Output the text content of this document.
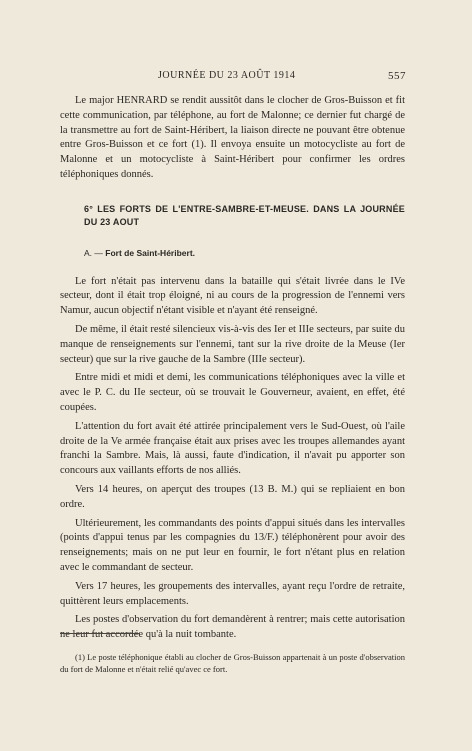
JOURNÉE DU 23 AOÛT 1914	557

Le major HENRARD se rendit aussitôt dans le clocher de Gros-Buisson et fit cette communication, par téléphone, au fort de Malonne; ce dernier fut chargé de la transmettre au fort de Saint-Héribert, la liaison directe ne pouvant être obtenue entre Gros-Buisson et ce fort (1). Il envoya ensuite un motocycliste au fort de Malonne et un motocycliste à Saint-Héribert pour confirmer les ordres téléphoniques donnés.

6° LES FORTS DE L'ENTRE-SAMBRE-ET-MEUSE. DANS LA JOURNÉE DU 23 AOUT
A. — Fort de Saint-Héribert.

Le fort n'était pas intervenu dans la bataille qui s'était livrée dans le IVe secteur, dont il était trop éloigné, ni au cours de la progression de l'ennemi vers Namur, aucun objectif n'étant visible et n'ayant été renseigné.

De même, il était resté silencieux vis-à-vis des Ier et IIIe secteurs, par suite du manque de renseignements sur l'ennemi, tant sur la rive droite de la Meuse (Ier secteur) que sur la rive gauche de la Sambre (IIIe secteur).

Entre midi et midi et demi, les communications téléphoniques avec la ville et avec le P. C. du IIe secteur, où se trouvait le Gouverneur, avaient, en effet, été coupées.

L'attention du fort avait été attirée principalement vers le Sud-Ouest, où l'aile droite de la Ve armée française était aux prises avec les troupes allemandes ayant franchi la Sambre. Mais, là aussi, faute d'indication, il n'avait pu apporter son concours aux vaillants efforts de nos alliés.

Vers 14 heures, on aperçut des troupes (13 B. M.) qui se repliaient en bon ordre.

Ultérieurement, les commandants des points d'appui situés dans les intervalles (points d'appui tenus par les compagnies du 13/F.) téléphonèrent pour avoir des renseignements; mais on ne put leur en fournir, le fort n'étant plus en relation avec le commandant de secteur.

Vers 17 heures, les groupements des intervalles, ayant reçu l'ordre de retraite, quittèrent leurs emplacements.

Les postes d'observation du fort demandèrent à rentrer; mais cette autorisation ne leur fut accordée qu'à la nuit tombante.

(1) Le poste téléphonique établi au clocher de Gros-Buisson appartenait à un poste d'observation du fort de Malonne et n'était relié qu'avec ce fort.
